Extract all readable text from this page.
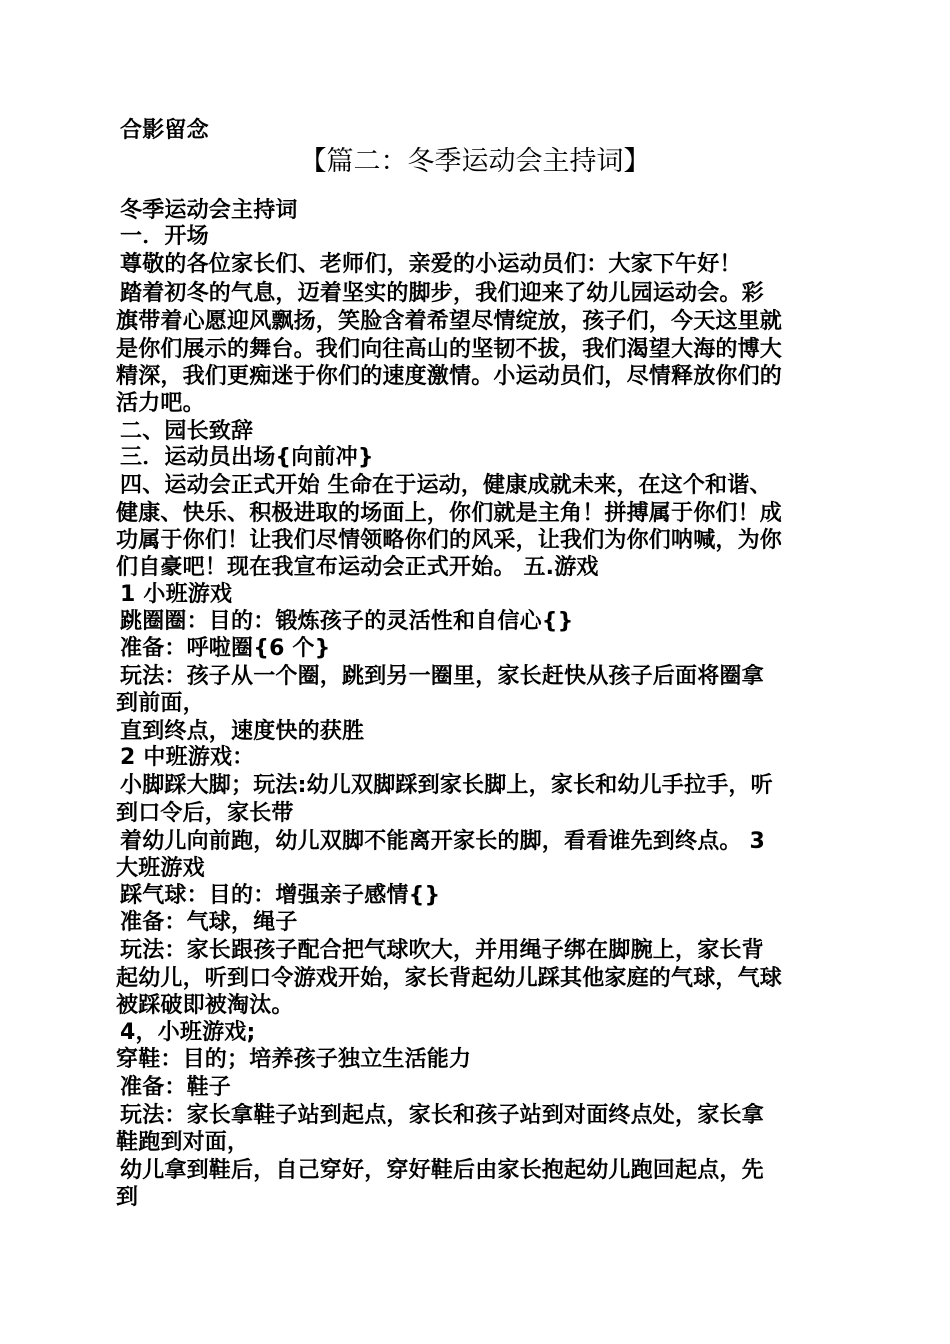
合影留念
【篇二：冬季运动会主持词】
冬季运动会主持词
一．开场
尊敬的各位家长们、老师们，亲爱的小运动员们：大家下午好！
踏着初冬的气息，迈着坚实的脚步，我们迎来了幼儿园运动会。彩
旗带着心愿迎风飘扬，笑脸含着希望尽情绽放，孩子们，今天这里就
是你们展示的舞台。我们向往高山的坚韧不拔，我们渴望大海的博大
精深，我们更痴迷于你们的速度激情。小运动员们，尽情释放你们的
活力吧。
二、园长致辞
三．运动员出场{向前冲}
四、运动会正式开始 生命在于运动，健康成就未来，在这个和谐、
健康、快乐、积极进取的场面上，你们就是主角！拼搏属于你们！成
功属于你们！让我们尽情领略你们的风采，让我们为你们呐喊，为你
们自豪吧！现在我宣布运动会正式开始。 五.游戏
1 小班游戏
跳圈圈：目的：锻炼孩子的灵活性和自信心{}
准备：呼啦圈{6 个}
玩法：孩子从一个圈，跳到另一圈里，家长赶快从孩子后面将圈拿
到前面，
直到终点，速度快的获胜
2 中班游戏：
小脚踩大脚；玩法:幼儿双脚踩到家长脚上，家长和幼儿手拉手，听
到口令后，家长带
着幼儿向前跑，幼儿双脚不能离开家长的脚，看看谁先到终点。 3
大班游戏
踩气球：目的：增强亲子感情{}
准备：气球，绳子
玩法：家长跟孩子配合把气球吹大，并用绳子绑在脚腕上，家长背
起幼儿，听到口令游戏开始，家长背起幼儿踩其他家庭的气球，气球
被踩破即被淘汰。
4，小班游戏;
穿鞋：目的；培养孩子独立生活能力
准备：鞋子
玩法：家长拿鞋子站到起点，家长和孩子站到对面终点处，家长拿
鞋跑到对面，
幼儿拿到鞋后，自己穿好，穿好鞋后由家长抱起幼儿跑回起点，先
到
